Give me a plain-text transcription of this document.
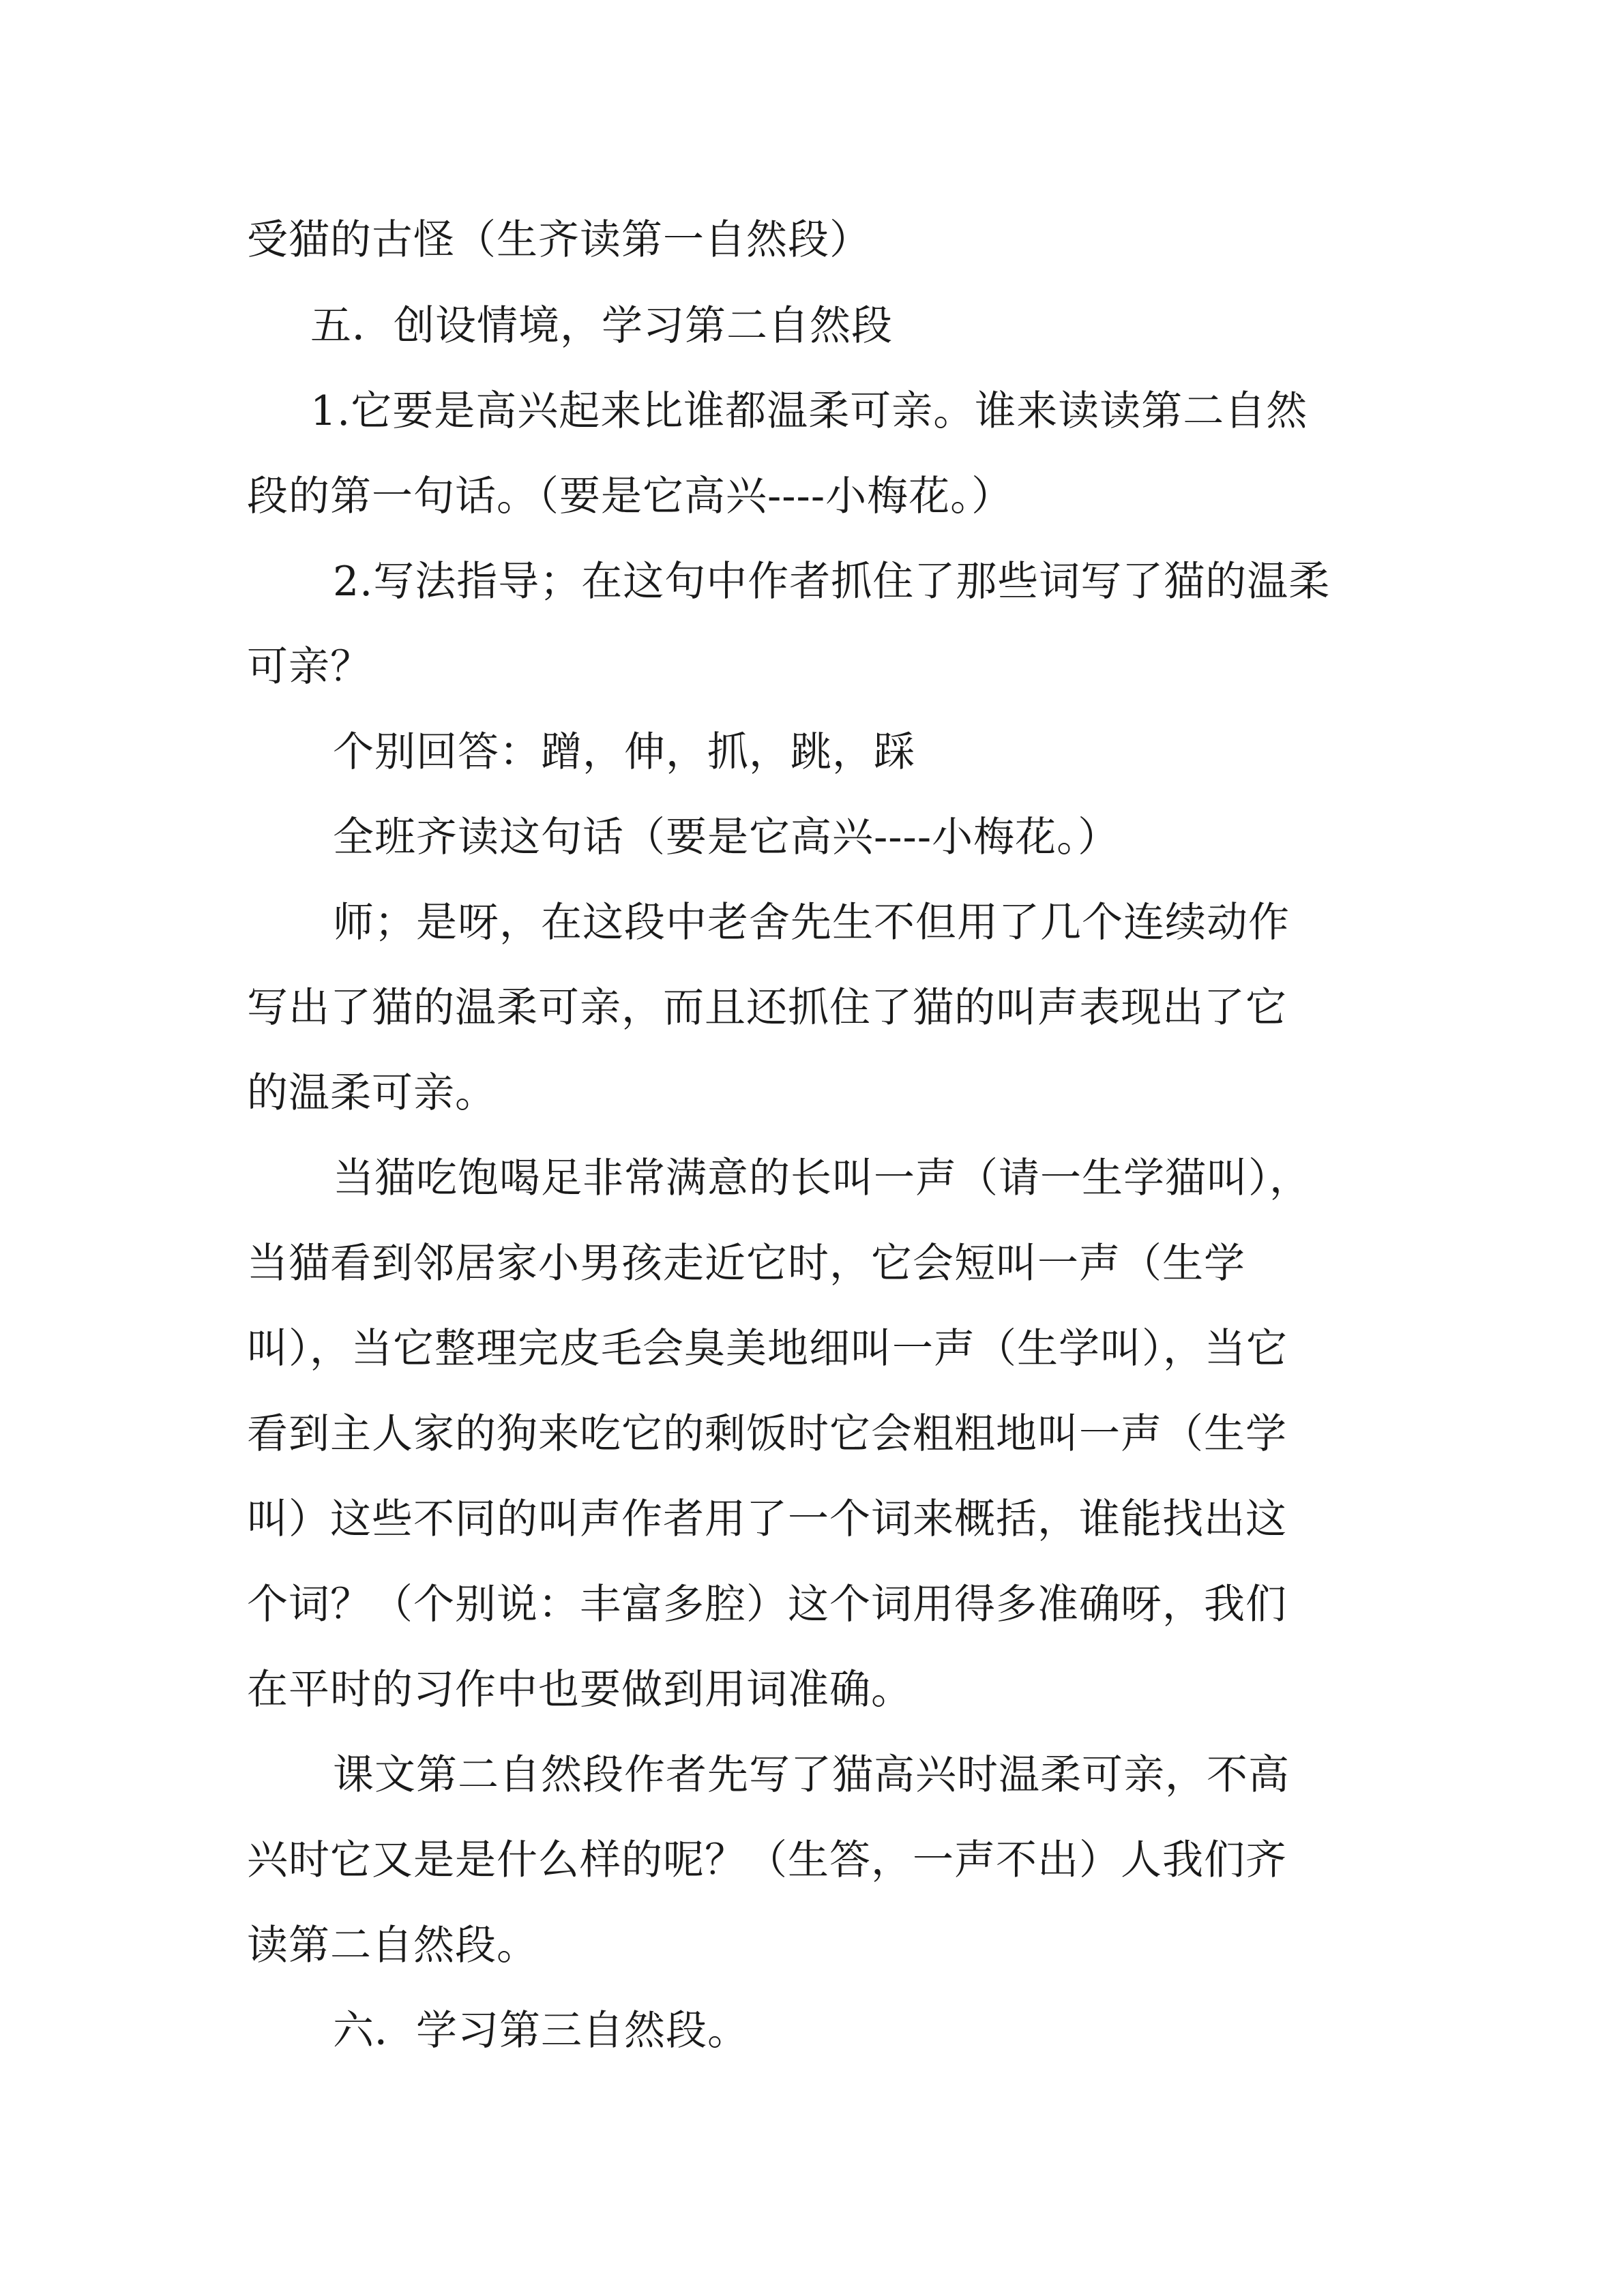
受猫的古怪（生齐读第一自然段）
五．创设情境，学习第二自然段
1.它要是高兴起来比谁都温柔可亲。谁来读读第二自然
段的第一句话。（要是它高兴----小梅花。）
2.写法指导；在这句中作者抓住了那些词写了猫的温柔
可亲？
个别回答：蹭，伸，抓，跳，踩
全班齐读这句话（要是它高兴----小梅花。）
师；是呀，在这段中老舍先生不但用了几个连续动作
写出了猫的温柔可亲，而且还抓住了猫的叫声表现出了它
的温柔可亲。
当猫吃饱喝足非常满意的长叫一声（请一生学猫叫），
当猫看到邻居家小男孩走近它时，它会短叫一声（生学
叫），当它整理完皮毛会臭美地细叫一声（生学叫），当它
看到主人家的狗来吃它的剩饭时它会粗粗地叫一声（生学
叫）这些不同的叫声作者用了一个词来概括，谁能找出这
个词？（个别说：丰富多腔）这个词用得多准确呀，我们
在平时的习作中也要做到用词准确。
课文第二自然段作者先写了猫高兴时温柔可亲，不高
兴时它又是是什么样的呢？（生答，一声不出）人我们齐
读第二自然段。
六．学习第三自然段。
